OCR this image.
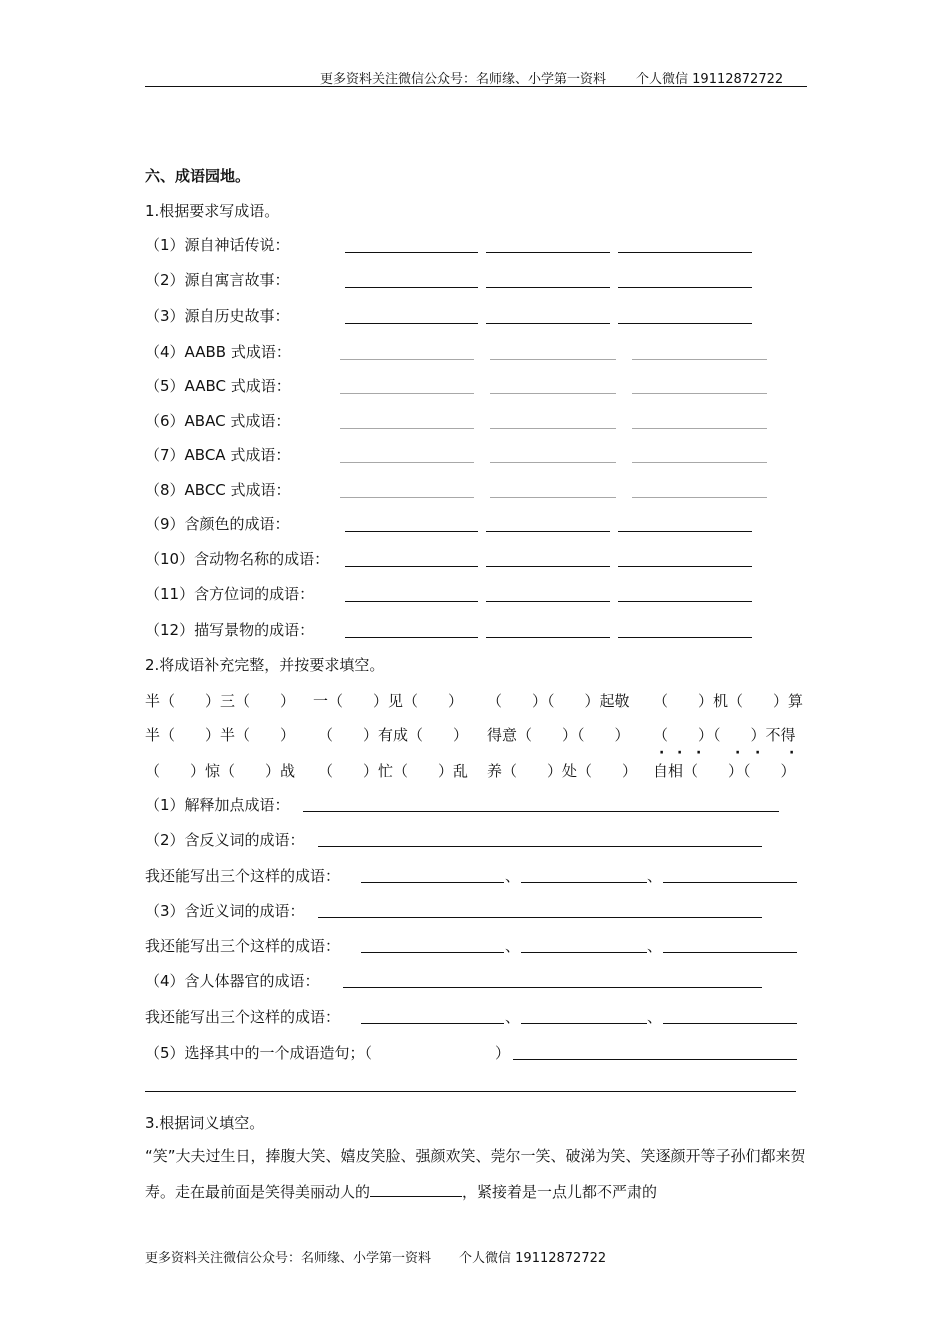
更多资料关注微信公众号：名师缘、小学第一资料 个人微信 19112872722
六、成语园地。
1.根据要求写成语。
（1）源自神话传说：
（2）源自寓言故事：
（3）源自历史故事：
（4）AABB 式成语：
（5）AABC 式成语：
（6）ABAC 式成语：
（7）ABCA 式成语：
（8）ABCC 式成语：
（9）含颜色的成语：
（10）含动物名称的成语：
（11）含方位词的成语：
（12）描写景物的成语：
2.将成语补充完整，并按要求填空。
半（　　）三（　　） 一（　　）见（　　） （　　）（　　）起敬 （　　）机（　　）算
半（　　）半（　　） （　　）有成（　　） 得意（　　）（　　） （　　）（　　）不得
· · · · · ·
（　　）惊（　　）战 （　　）忙（　　）乱 养（　　）处（　　） 自相（　　）（　　）
（1）解释加点成语：
（2）含反义词的成语：
我还能写出三个这样的成语：	、	、
（3）含近义词的成语：
我还能写出三个这样的成语：	、	、
（4）含人体器官的成语：
我还能写出三个这样的成语：	、	、
（5）选择其中的一个成语造句；（	）
3.根据词义填空。
“笑”大夫过生日，捧腹大笑、嬉皮笑脸、强颜欢笑、莞尔一笑、破涕为笑、笑逐颜开等子孙们都来贺寿。走在最前面是笑得美丽动人的	，紧接着是一点儿都不严肃的
更多资料关注微信公众号：名师缘、小学第一资料 个人微信 19112872722
